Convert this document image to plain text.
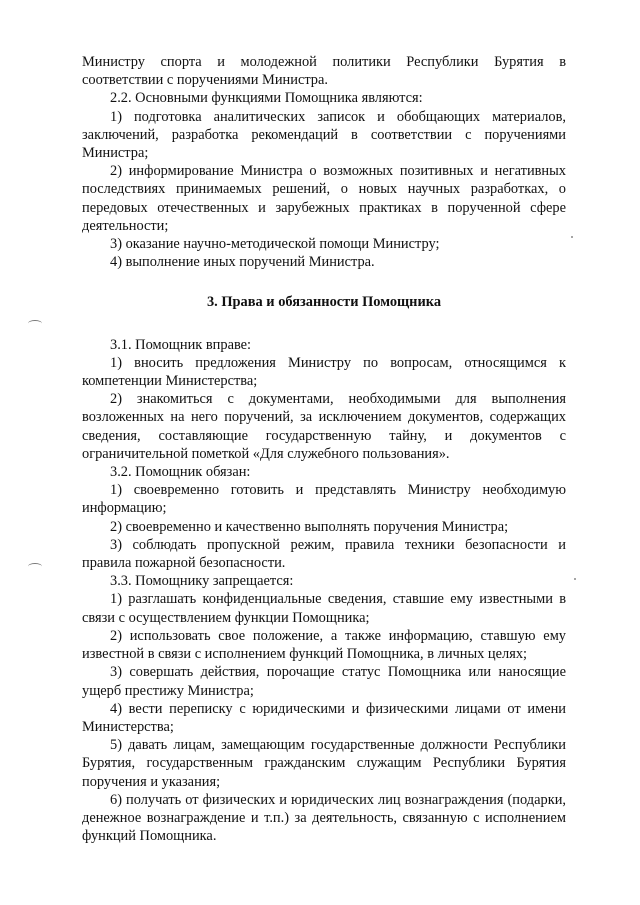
Министру спорта и молодежной политики Республики Бурятия в соответствии с поручениями Министра.

2.2. Основными функциями Помощника являются:

1) подготовка аналитических записок и обобщающих материалов, заключений, разработка рекомендаций в соответствии с поручениями Министра;

2) информирование Министра о возможных позитивных и негативных последствиях принимаемых решений, о новых научных разработках, о передовых отечественных и зарубежных практиках в порученной сфере деятельности;

3) оказание научно-методической помощи Министру;

4) выполнение иных поручений Министра.

3. Права и обязанности Помощника

3.1. Помощник вправе:

1) вносить предложения Министру по вопросам, относящимся к компетенции Министерства;

2) знакомиться с документами, необходимыми для выполнения возложенных на него поручений, за исключением документов, содержащих сведения, составляющие государственную тайну, и документов с ограничительной пометкой «Для служебного пользования».

3.2. Помощник обязан:

1) своевременно готовить и представлять Министру необходимую информацию;

2) своевременно и качественно выполнять поручения Министра;

3) соблюдать пропускной режим, правила техники безопасности и правила пожарной безопасности.

3.3. Помощнику запрещается:

1) разглашать конфиденциальные сведения, ставшие ему известными в связи с осуществлением функции Помощника;

2) использовать свое положение, а также информацию, ставшую ему известной в связи с исполнением функций Помощника, в личных целях;

3) совершать действия, порочащие статус Помощника или наносящие ущерб престижу Министра;

4) вести переписку с юридическими и физическими лицами от имени Министерства;

5) давать лицам, замещающим государственные должности Республики Бурятия, государственным гражданским служащим Республики Бурятия поручения и указания;

6) получать от физических и юридических лиц вознаграждения (подарки, денежное вознаграждение и т.п.) за деятельность, связанную с исполнением функций Помощника.
